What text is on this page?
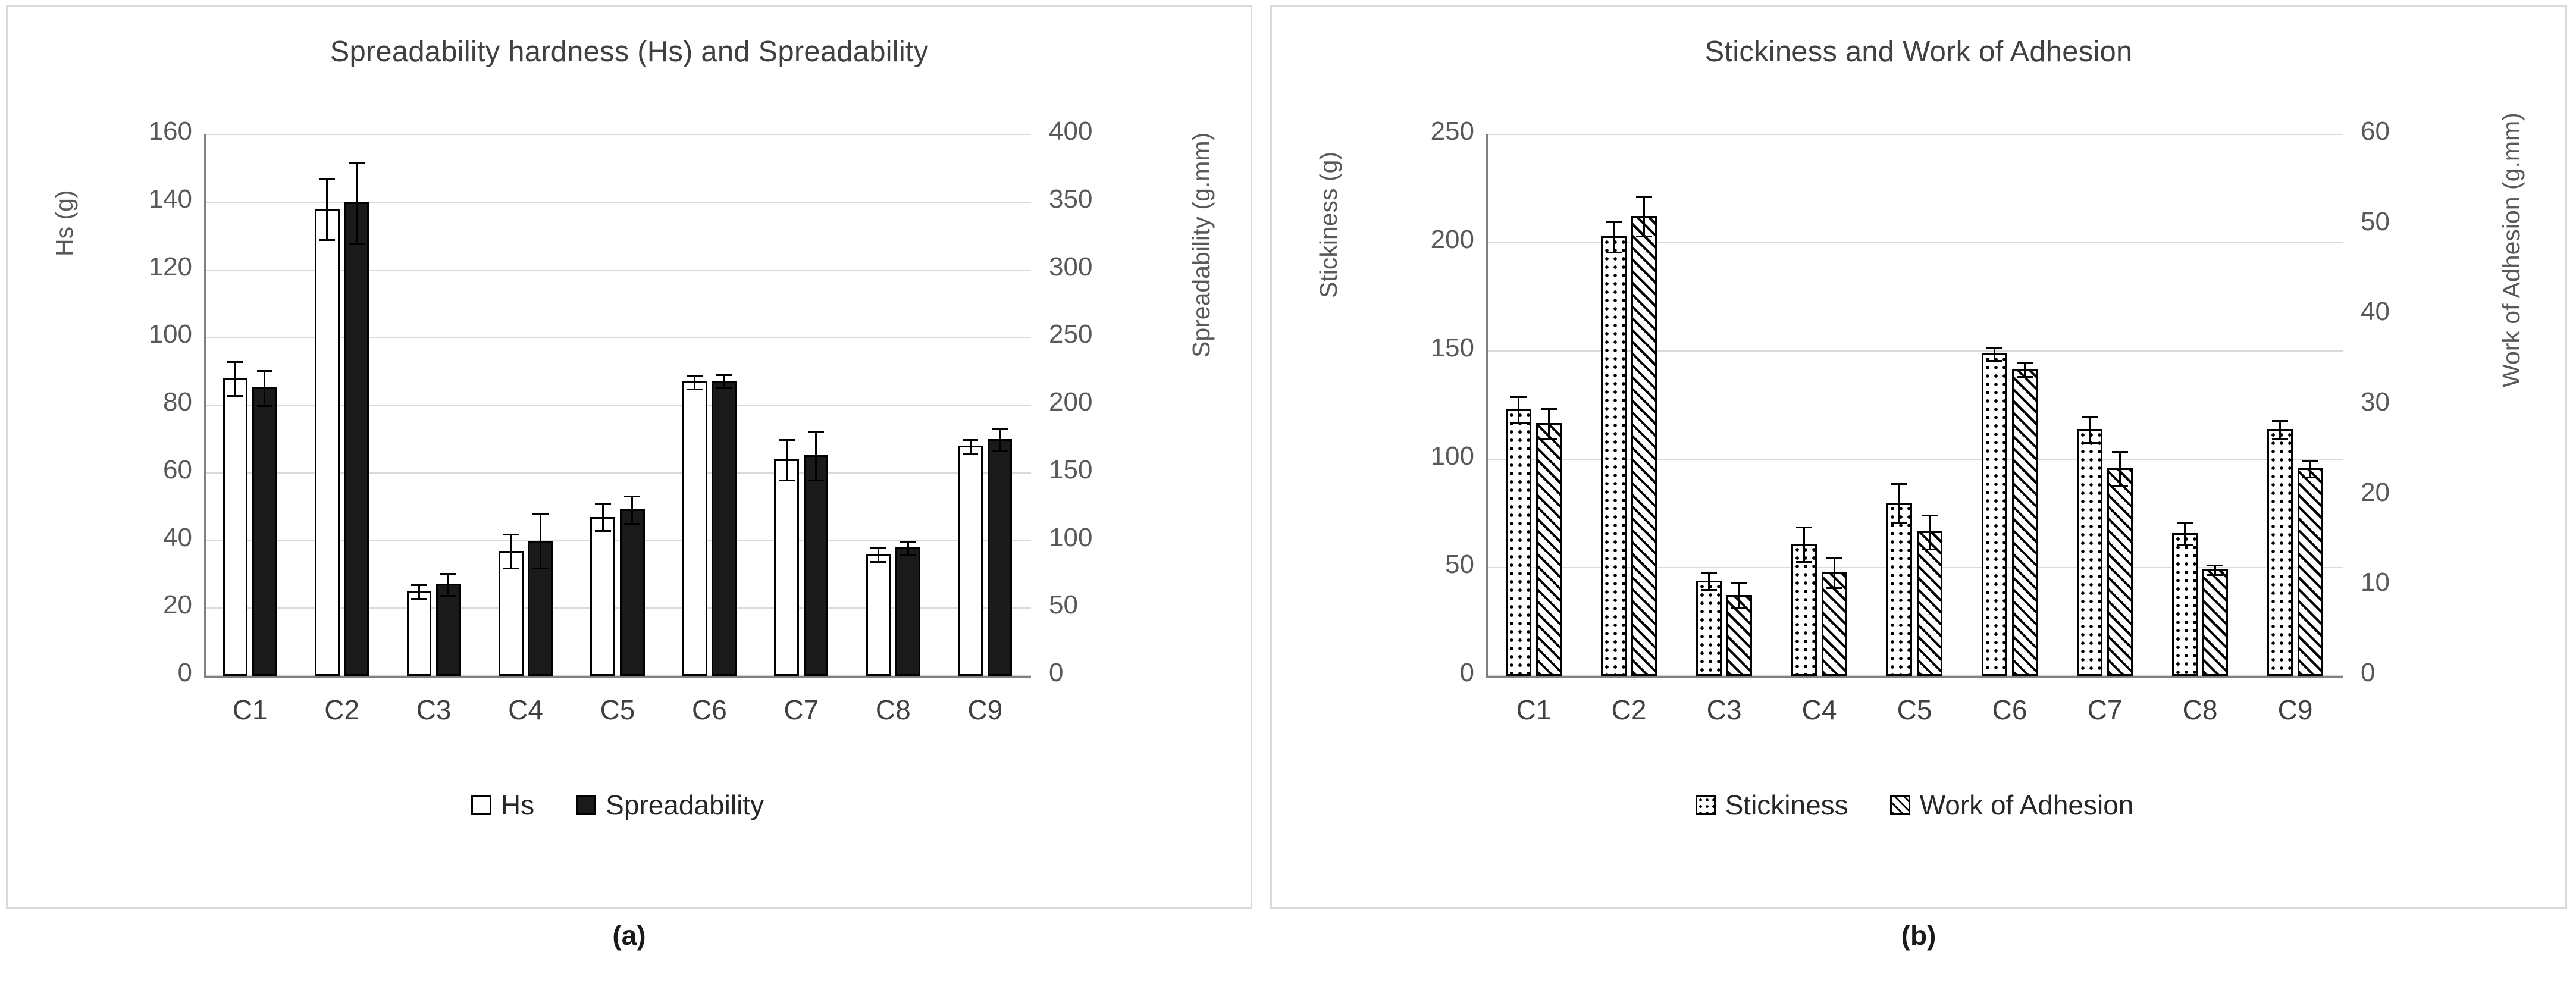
Spreadability hardness (Hs) and Spreadability
Hs (g)	Spreadability (g.mm)
0
20
40
60
80
100
120
140
160
0
50
100
150
200
250
300
350
400
C1	C2	C3	C4	C5	C6	C7	C8	C9
Hs	Spreadability
Stickiness and Work of Adhesion
Stickiness (g)	Work of Adhesion (g.mm)
0
50
100
150
200
250
0
10
20
30
40
50
60
C1	C2	C3	C4	C5	C6	C7	C8	C9
Stickiness	Work of Adhesion
(a)	(b)
